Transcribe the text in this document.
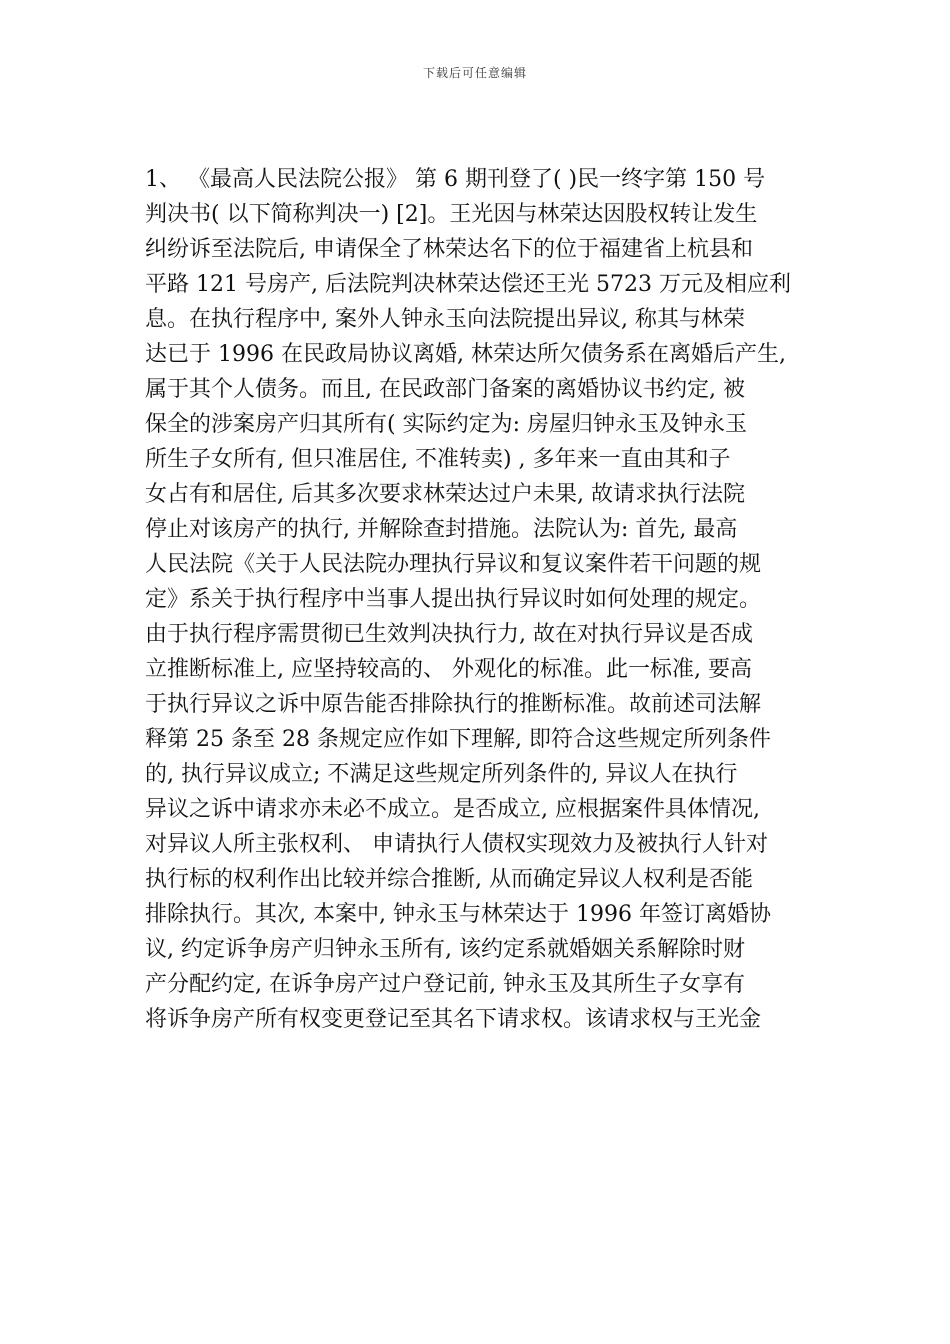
下载后可任意编辑
1、 《最高人民法院公报》 第 6 期刊登了( )民一终字第 150 号
判决书( 以下简称判决一) [2]。王光因与林荣达因股权转让发生
纠纷诉至法院后, 申请保全了林荣达名下的位于福建省上杭县和
平路 121 号房产, 后法院判决林荣达偿还王光 5723 万元及相应利
息。在执行程序中, 案外人钟永玉向法院提出异议, 称其与林荣
达已于 1996 在民政局协议离婚, 林荣达所欠债务系在离婚后产生,
属于其个人债务。而且, 在民政部门备案的离婚协议书约定, 被
保全的涉案房产归其所有( 实际约定为: 房屋归钟永玉及钟永玉
所生子女所有, 但只准居住, 不准转卖) , 多年来一直由其和子
女占有和居住, 后其多次要求林荣达过户未果, 故请求执行法院
停止对该房产的执行, 并解除查封措施。法院认为: 首先, 最高
人民法院《关于人民法院办理执行异议和复议案件若干问题的规
定》系关于执行程序中当事人提出执行异议时如何处理的规定。
由于执行程序需贯彻已生效判决执行力, 故在对执行异议是否成
立推断标准上, 应坚持较高的、 外观化的标准。此一标准, 要高
于执行异议之诉中原告能否排除执行的推断标准。故前述司法解
释第 25 条至 28 条规定应作如下理解, 即符合这些规定所列条件
的, 执行异议成立; 不满足这些规定所列条件的, 异议人在执行
异议之诉中请求亦未必不成立。是否成立, 应根据案件具体情况,
对异议人所主张权利、 申请执行人债权实现效力及被执行人针对
执行标的权利作出比较并综合推断, 从而确定异议人权利是否能
排除执行。其次, 本案中, 钟永玉与林荣达于 1996 年签订离婚协
议, 约定诉争房产归钟永玉所有, 该约定系就婚姻关系解除时财
产分配约定, 在诉争房产过户登记前, 钟永玉及其所生子女享有
将诉争房产所有权变更登记至其名下请求权。该请求权与王光金
